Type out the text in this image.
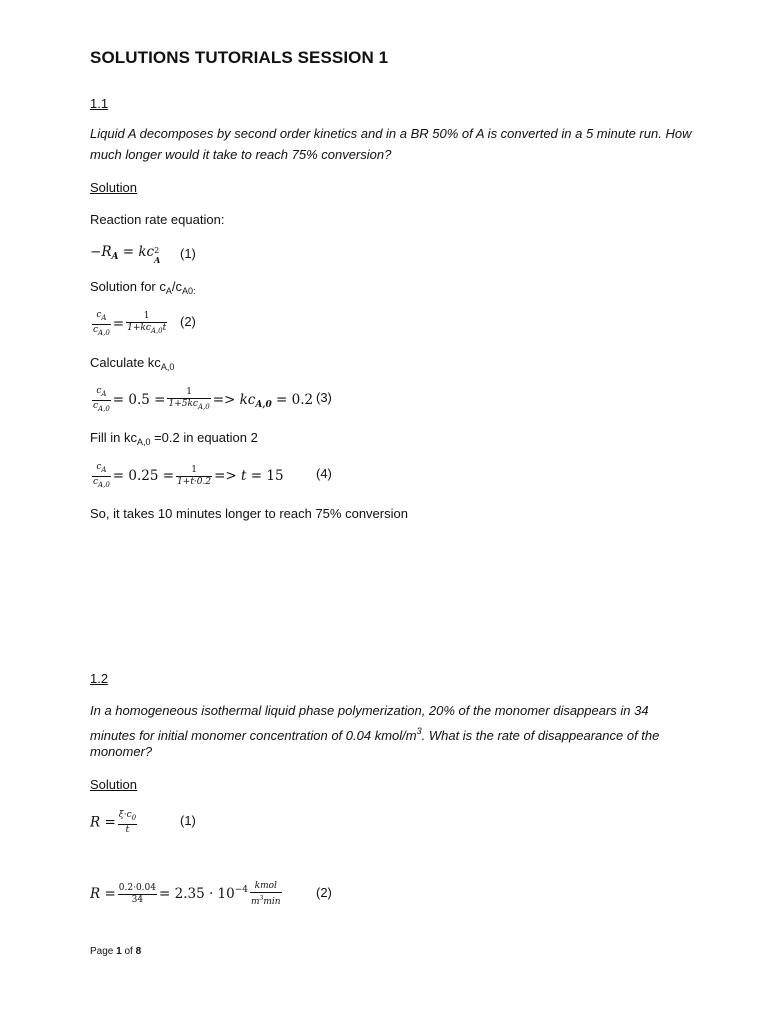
SOLUTIONS TUTORIALS SESSION 1
1.1
Liquid A decomposes by second order kinetics and in a BR 50% of A is converted in a 5 minute run. How
much longer would it take to reach 75% conversion?
Solution
Reaction rate equation:
$-R_A$ = kc 2
A (1)
Solution for $c_A/c_{A0:}$
$\frac{c_A}{c_{A,0}} = \frac{1}{1+kc_{A,0}t} (2)$
Calculate $kc_{A,0}$
$\frac{c_A}{c_{A,0}} = 0.5 = \frac{1}{1+5kc_{A,0}} => kc_{A,0} = 0.2$ (3)
Fill in $kc_{A,0} =0.2$ in equation 2
$\frac{c_A}{c_{A,0}} = 0.25 = \frac{1}{1+t\cdot 0.2} => t = 15$ (4)
So, it takes 10 minutes longer to reach 75% conversion
1.2
In a homogeneous isothermal liquid phase polymerization, 20% of the monomer disappears in 34
minutes for initial monomer concentration of 0.04 kmol/$m^3$. What is the rate of disappearance of the
monomer?
Solution
$R = \frac{\xi\cdot c_0}{t}$	(1)
$R = \frac{0.2\cdot 0.04}{34} = 2.35 \cdot 10^{-4} \frac{\text{kmol}}{m^3\min}$	(2)
Page 1 of 8
